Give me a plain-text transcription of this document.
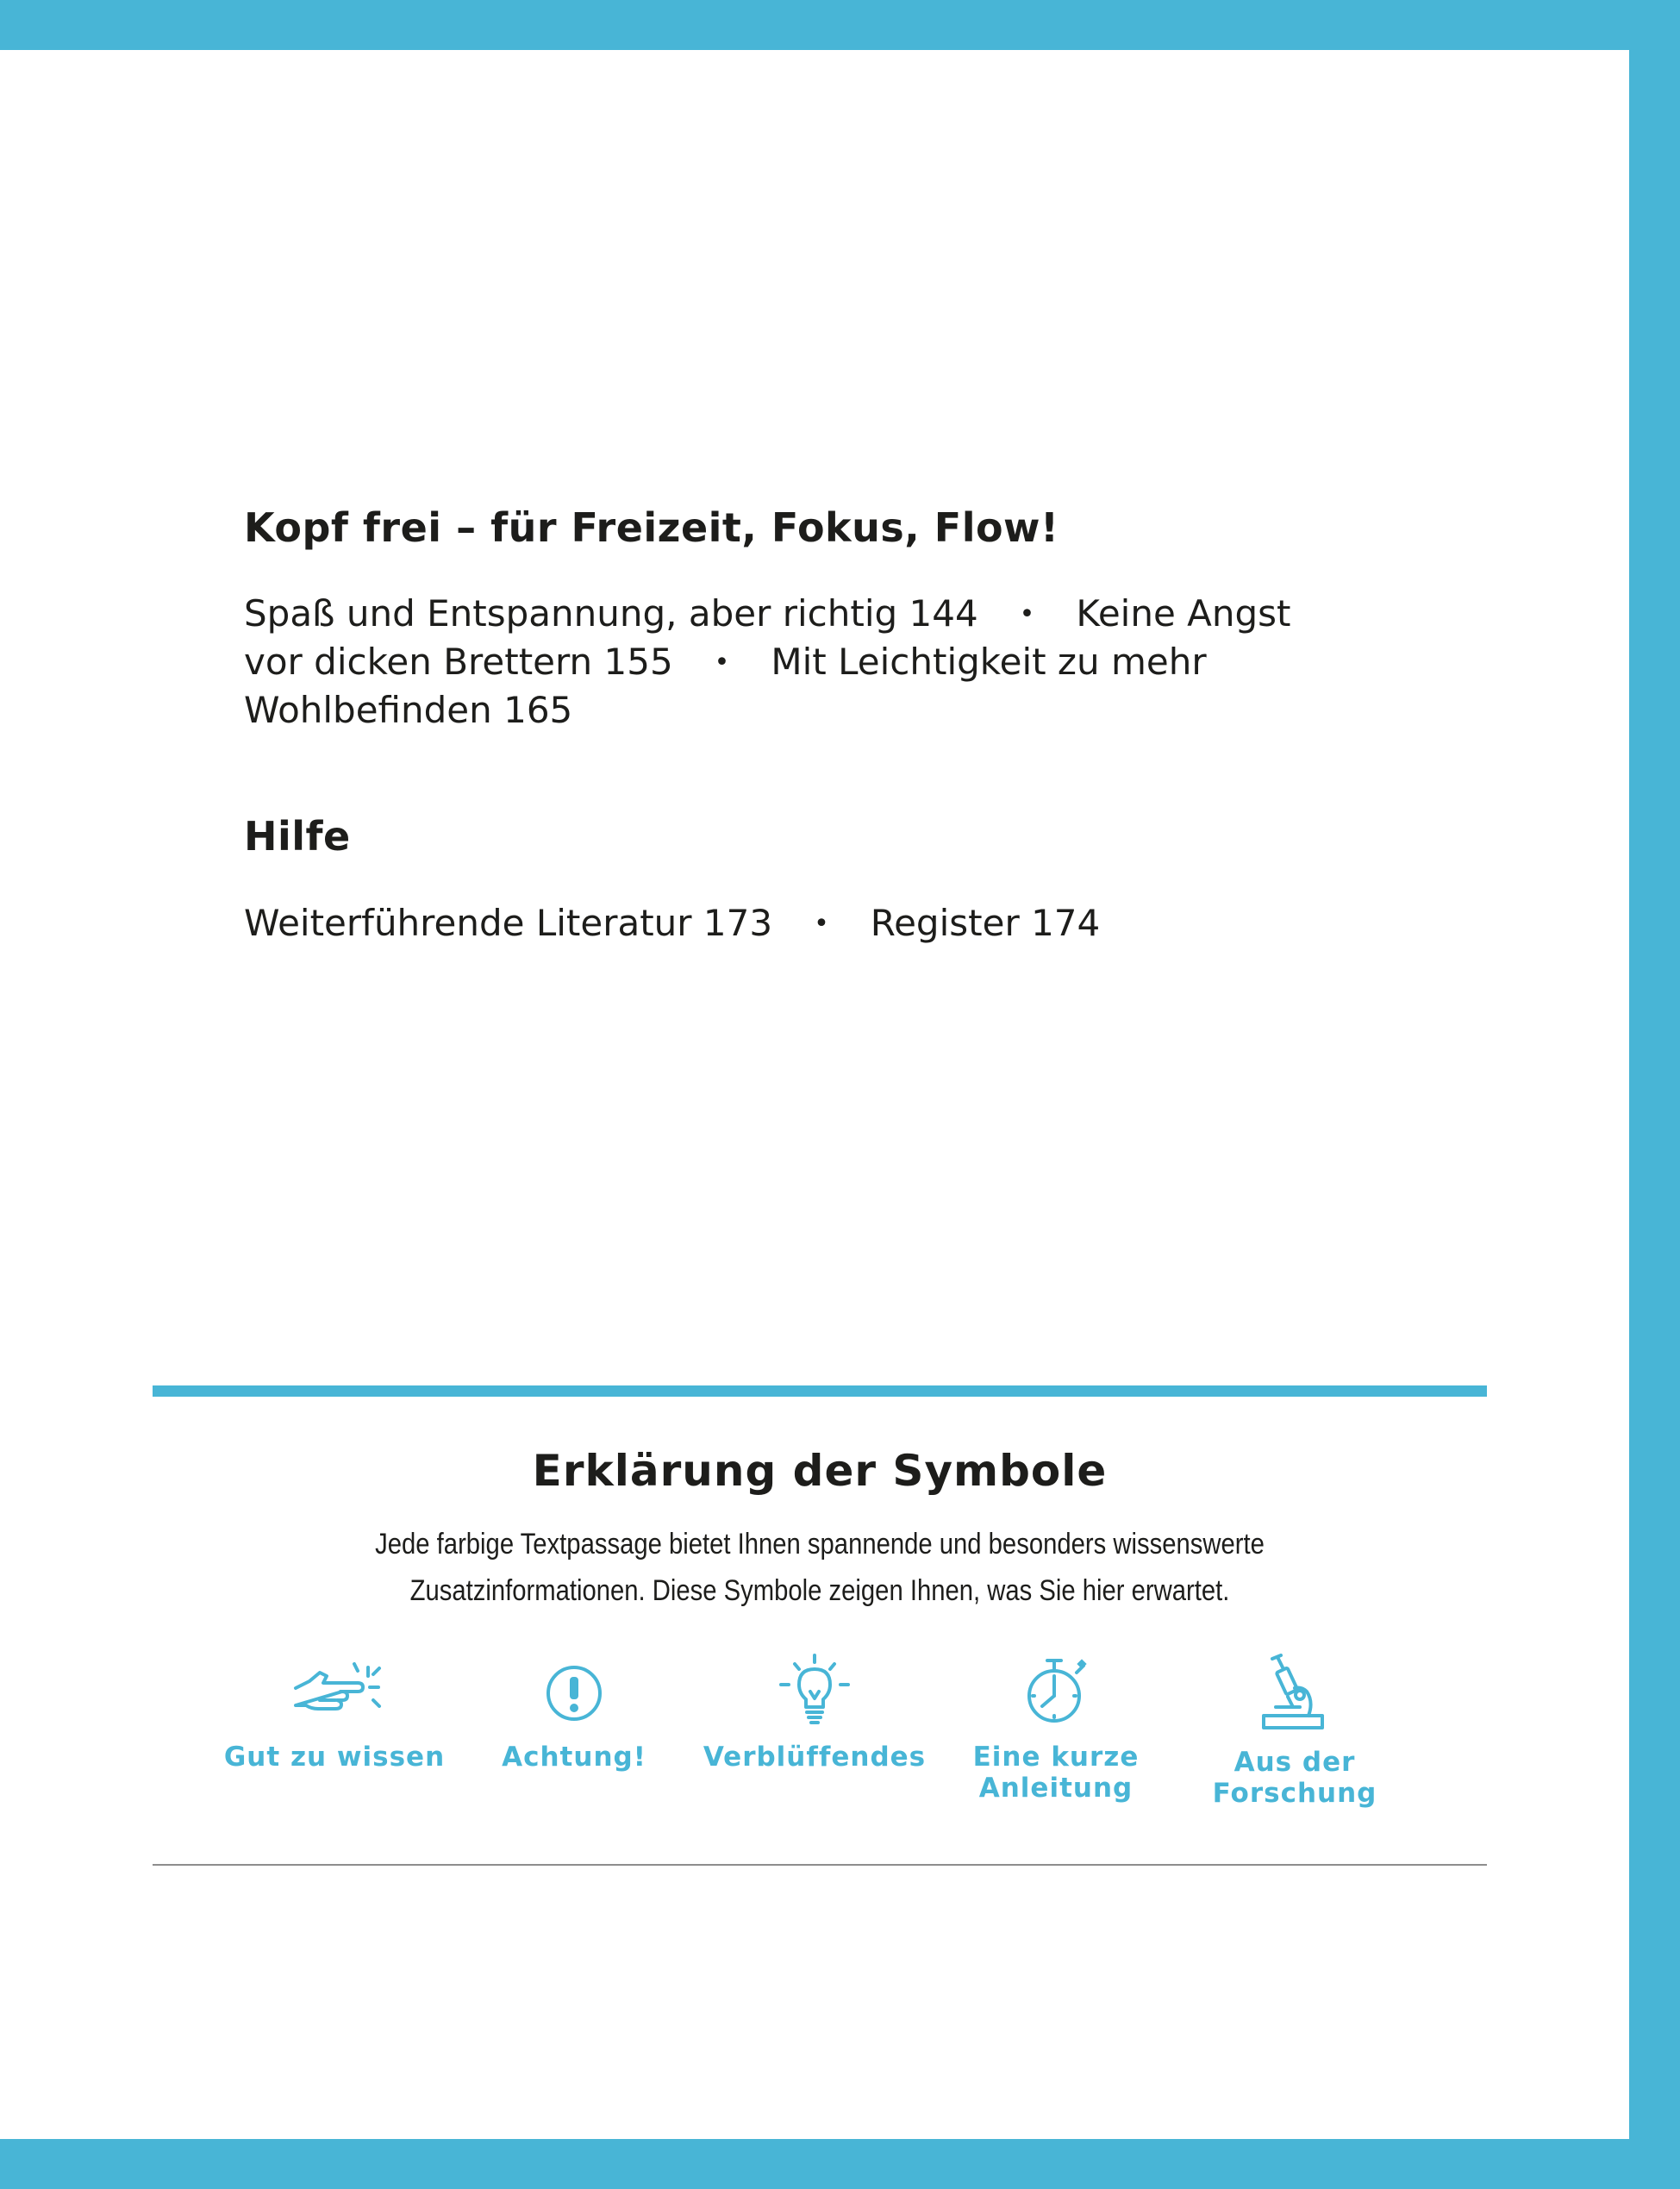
Kopf frei – für Freizeit, Fokus, Flow!

Spaß und Entspannung, aber richtig 144 • Keine Angst

vor dicken Brettern 155 • Mit Leichtigkeit zu mehr

Wohlbefinden 165

Hilfe

Weiterführende Literatur 173 • Register 174

Erklärung der Symbole
Jede farbige Textpassage bietet Ihnen spannende und besonders wissenswerte
Zusatzinformationen. Diese Symbole zeigen Ihnen, was Sie hier erwartet.
Gut zu wissen	Achtung!	Verblüffendes	Eine kurze
Anleitung
Aus der
Forschung
